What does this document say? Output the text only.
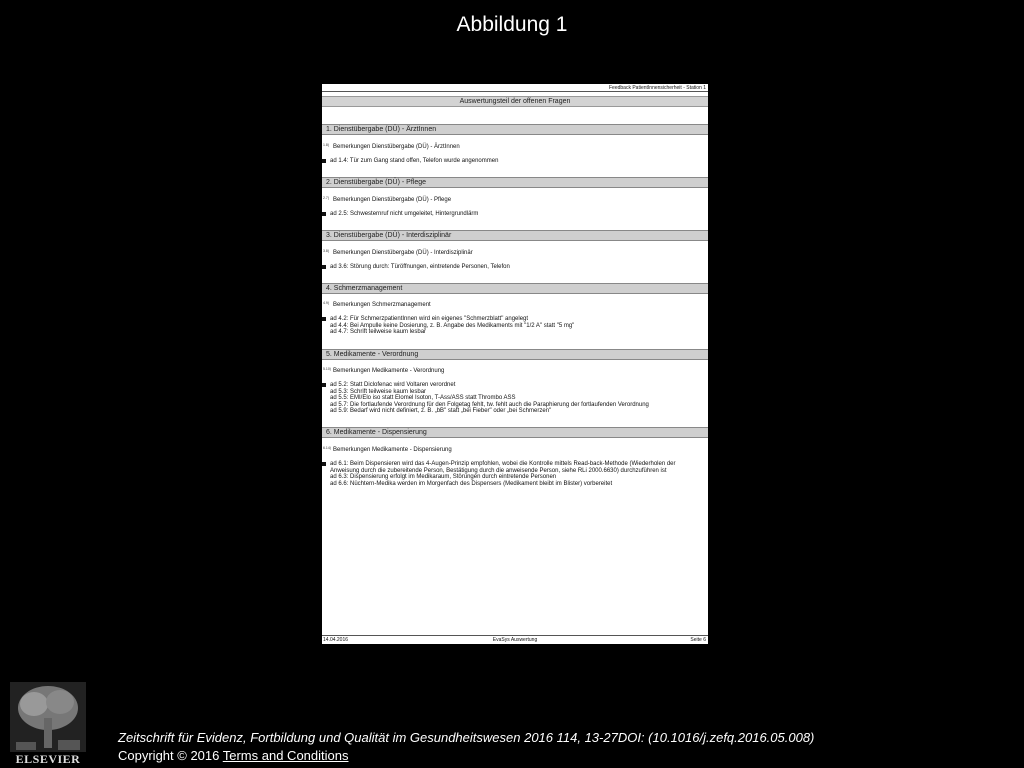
Abbildung 1
Feedback PatientInnensicherheit - Station 1
Auswertungsteil der offenen Fragen
1. Dienstübergabe (DÜ) - ÄrztInnen
1.8) Bemerkungen Dienstübergabe (DÜ) - ÄrztInnen
ad 1.4: Tür zum Gang stand offen, Telefon wurde angenommen
2. Dienstübergabe (DÜ) - Pflege
2.7) Bemerkungen Dienstübergabe (DÜ) - Pflege
ad 2.5: Schwesternruf nicht umgeleitet, Hintergrundlärm
3. Dienstübergabe (DÜ) - Interdisziplinär
3.8) Bemerkungen Dienstübergabe (DÜ) - Interdisziplinär
ad 3.6: Störung durch: Türöffnungen, eintretende Personen, Telefon
4. Schmerzmanagement
4.9) Bemerkungen Schmerzmanagement
ad 4.2: Für SchmerzpatientInnen wird ein eigenes "Schmerzblatt" angelegt
ad 4.4: Bei Ampulle keine Dosierung, z. B. Angabe des Medikaments mit "1/2 A" statt "5 mg"
ad 4.7: Schrift teilweise kaum lesbar
5. Medikamente - Verordnung
5.10) Bemerkungen Medikamente - Verordnung
ad 5.2: Statt Diclofenac wird Voltaren verordnet
ad 5.3: Schrift teilweise kaum lesbar
ad 5.5: EMI/Elo iso statt Elomel Isoton, T-Ass/ASS statt Thrombo ASS
ad 5.7: Die fortlaufende Verordnung für den Folgetag fehlt, tw. fehlt auch die Paraphierung der fortlaufenden Verordnung
ad 5.9: Bedarf wird nicht definiert, z. B. „bB" statt „bei Fieber" oder „bei Schmerzen"
6. Medikamente - Dispensierung
6.14) Bemerkungen Medikamente - Dispensierung
ad 6.1: Beim Dispensieren wird das 4-Augen-Prinzip empfohlen, wobei die Kontrolle mittels Read-back-Methode (Wiederholen der
Anweisung durch die zubereitende Person, Bestätigung durch die anweisende Person, siehe RLi 2000.6630) durchzuführen ist
ad 6.3: Dispensierung erfolgt im Medikaraum, Störungen durch eintretende Personen
ad 6.6: Nüchtern-Medika werden im Morgenfach des Dispensers (Medikament bleibt im Blister) vorbereitet
14.04.2016	EvaSys Auswertung	Seite 6
ELSEVIER
Zeitschrift für Evidenz, Fortbildung und Qualität im Gesundheitswesen 2016 114, 13-27DOI: (10.1016/j.zefq.2016.05.008)
Copyright © 2016 Terms and Conditions
